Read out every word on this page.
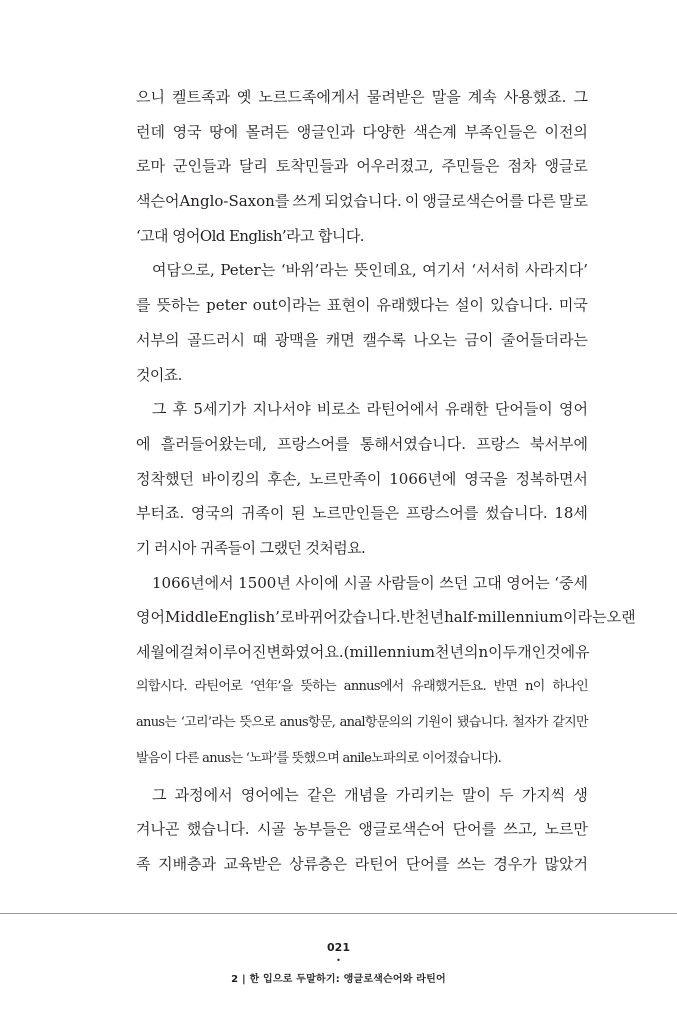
으니 켈트족과 옛 노르드족에게서 물려받은 말을 계속 사용했죠. 그
런데 영국 땅에 몰려든 앵글인과 다양한 색슨계 부족인들은 이전의
로마 군인들과 달리 토착민들과 어우러졌고, 주민들은 점차 앵글로
색슨어Anglo-Saxon를 쓰게 되었습니다. 이 앵글로색슨어를 다른 말로
‘고대 영어Old English’라고 합니다.
여담으로, Peter는 ‘바위’라는 뜻인데요, 여기서 ‘서서히 사라지다’
를 뜻하는 peter out이라는 표현이 유래했다는 설이 있습니다. 미국
서부의 골드러시 때 광맥을 캐면 캘수록 나오는 금이 줄어들더라는
것이죠.
그 후 5세기가 지나서야 비로소 라틴어에서 유래한 단어들이 영어
에 흘러들어왔는데, 프랑스어를 통해서였습니다. 프랑스 북서부에
정착했던 바이킹의 후손, 노르만족이 1066년에 영국을 정복하면서
부터죠. 영국의 귀족이 된 노르만인들은 프랑스어를 썼습니다. 18세
기 러시아 귀족들이 그랬던 것처럼요.
1066년에서 1500년 사이에 시골 사람들이 쓰던 고대 영어는 ‘중세
영어Middle English’로 바뀌어갔습니다. 반천 년half-millennium이라는 오랜
세월에 걸쳐 이루어진 변화였어요.(millennium천년의 n이 두 개인 것에 유
의합시다. 라틴어로 ‘연年’을 뜻하는 annus에서 유래했거든요. 반면 n이 하나인
anus는 ‘고리’라는 뜻으로 anus항문, anal항문의의 기원이 됐습니다. 철자가 같지만
발음이 다른 anus는 ‘노파’를 뜻했으며 anile노파의로 이어졌습니다).
그 과정에서 영어에는 같은 개념을 가리키는 말이 두 가지씩 생
겨나곤 했습니다. 시골 농부들은 앵글로색슨어 단어를 쓰고, 노르만
족 지배층과 교육받은 상류층은 라틴어 단어를 쓰는 경우가 많았거
021
•
2 | 한 입으로 두말하기: 앵글로색슨어와 라틴어
